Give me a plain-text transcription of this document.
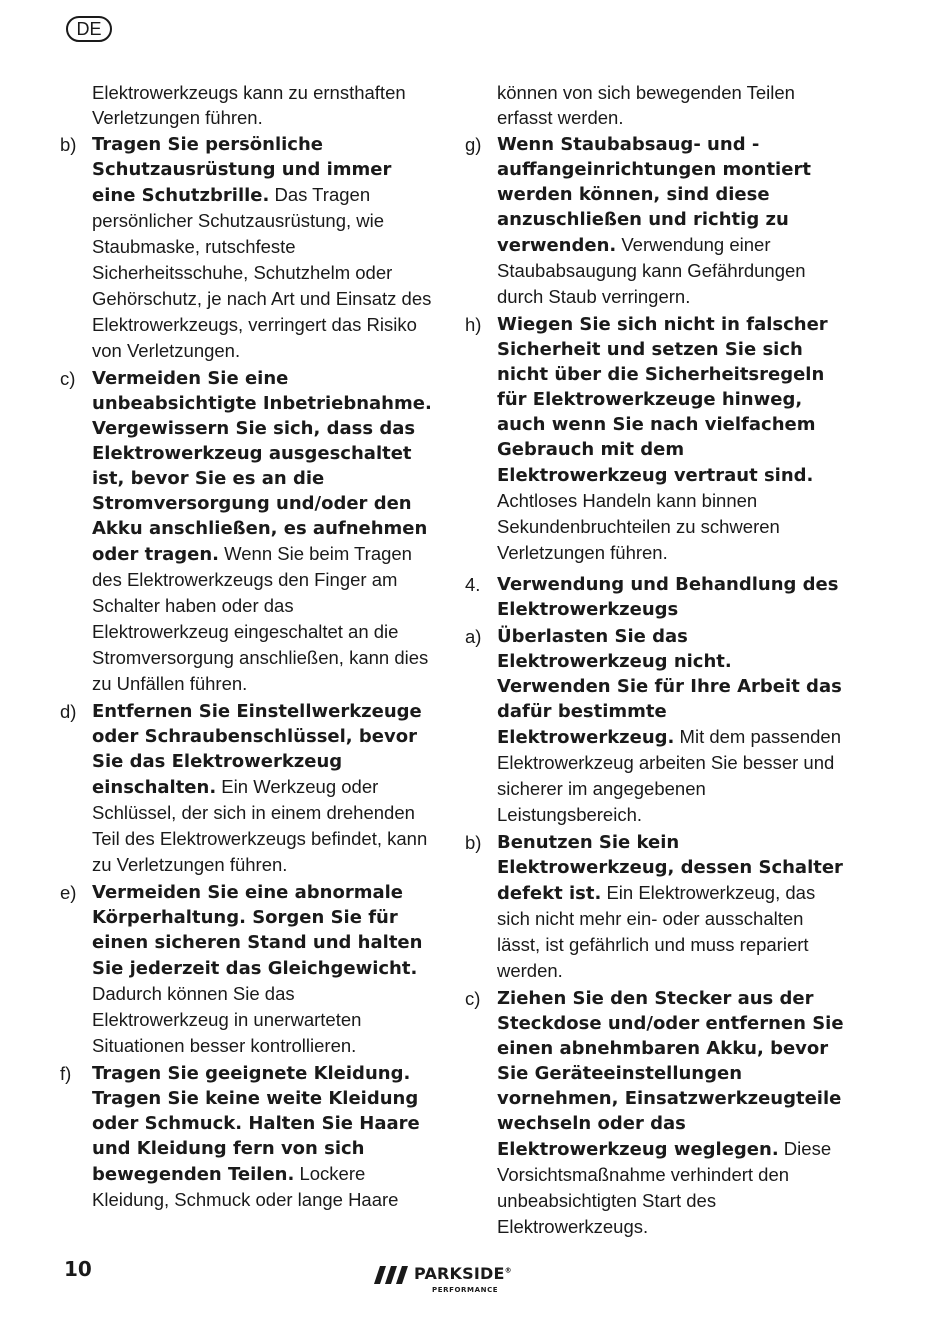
DE
Elektrowerkzeugs kann zu ernsthaften Verletzungen führen.
b) Tragen Sie persönliche Schutzausrüstung und immer eine Schutzbrille. Das Tragen persönlicher Schutzausrüstung, wie Staubmaske, rutschfeste Sicherheitsschuhe, Schutzhelm oder Gehörschutz, je nach Art und Einsatz des Elektrowerkzeugs, verringert das Risiko von Verletzungen.
c) Vermeiden Sie eine unbeabsichtigte Inbetriebnahme. Vergewissern Sie sich, dass das Elektrowerkzeug ausgeschaltet ist, bevor Sie es an die Stromversorgung und/oder den Akku anschließen, es aufnehmen oder tragen. Wenn Sie beim Tragen des Elektrowerkzeugs den Finger am Schalter haben oder das Elektrowerkzeug eingeschaltet an die Stromversorgung anschließen, kann dies zu Unfällen führen.
d) Entfernen Sie Einstellwerkzeuge oder Schraubenschlüssel, bevor Sie das Elektrowerkzeug einschalten. Ein Werkzeug oder Schlüssel, der sich in einem drehenden Teil des Elektrowerkzeugs befindet, kann zu Verletzungen führen.
e) Vermeiden Sie eine abnormale Körperhaltung. Sorgen Sie für einen sicheren Stand und halten Sie jederzeit das Gleichgewicht. Dadurch können Sie das Elektrowerkzeug in unerwarteten Situationen besser kontrollieren.
f)	Tragen Sie geeignete Kleidung. Tragen Sie keine weite Kleidung oder Schmuck. Halten Sie Haare und Kleidung fern von sich bewegenden Teilen. Lockere Kleidung, Schmuck oder lange Haare
können von sich bewegenden Teilen erfasst werden.
g) Wenn Staubabsaug- und -auffangeinrichtungen montiert werden können, sind diese anzuschließen und richtig zu verwenden. Verwendung einer Staubabsaugung kann Gefährdungen durch Staub verringern.
h) Wiegen Sie sich nicht in falscher Sicherheit und setzen Sie sich nicht über die Sicherheitsregeln für Elektrowerkzeuge hinweg, auch wenn Sie nach vielfachem Gebrauch mit dem Elektrowerkzeug vertraut sind. Achtloses Handeln kann binnen Sekundenbruchteilen zu schweren Verletzungen führen.
4. Verwendung und Behandlung des Elektrowerkzeugs
a) Überlasten Sie das Elektrowerkzeug nicht. Verwenden Sie für Ihre Arbeit das dafür bestimmte Elektrowerkzeug. Mit dem passenden Elektrowerkzeug arbeiten Sie besser und sicherer im angegebenen Leistungsbereich.
b) Benutzen Sie kein Elektrowerkzeug, dessen Schalter defekt ist. Ein Elektrowerkzeug, das sich nicht mehr ein- oder ausschalten lässt, ist gefährlich und muss repariert werden.
c) Ziehen Sie den Stecker aus der Steckdose und/oder entfernen Sie einen abnehmbaren Akku, bevor Sie Geräteeinstellungen vornehmen, Einsatzwerkzeugteile wechseln oder das Elektrowerkzeug weglegen. Diese Vorsichtsmaßnahme verhindert den unbeabsichtigten Start des Elektrowerkzeugs.
10	PARKSIDE®
PERFORMANCE
